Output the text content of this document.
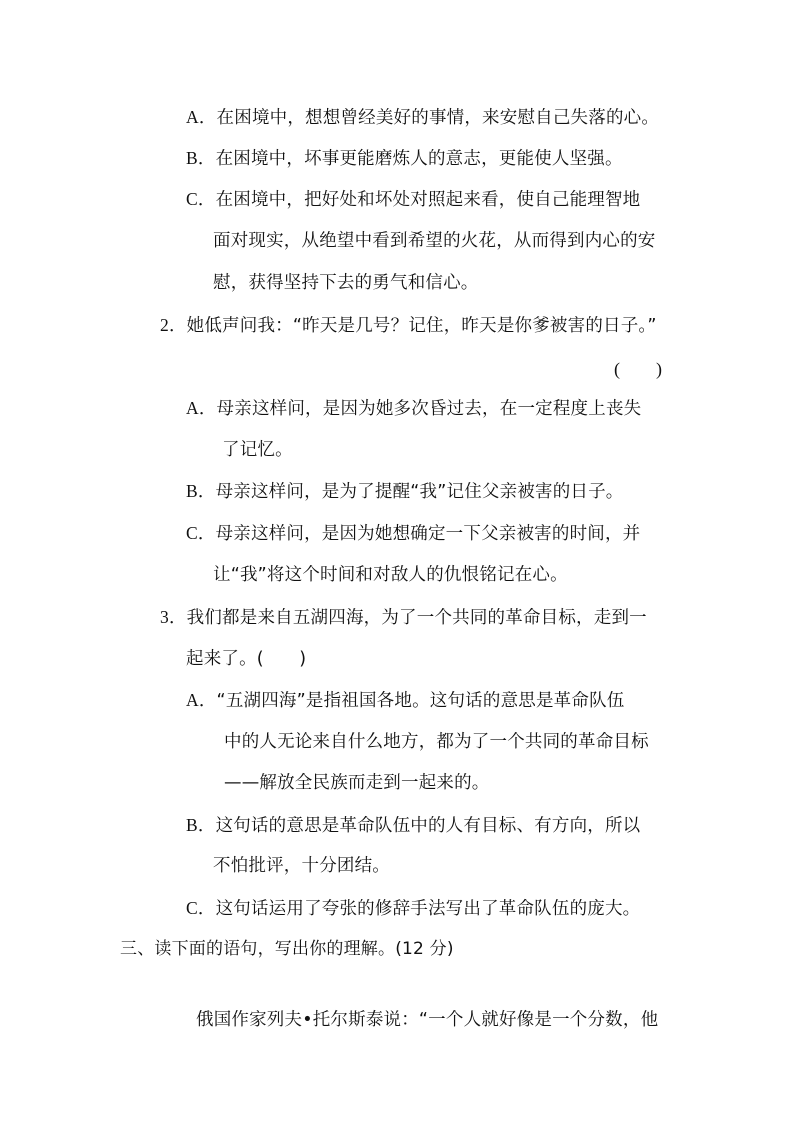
A．在困境中，想想曾经美好的事情，来安慰自己失落的心。
B．在困境中，坏事更能磨炼人的意志，更能使人坚强。
C．在困境中，把好处和坏处对照起来看，使自己能理智地
面对现实，从绝望中看到希望的火花，从而得到内心的安
慰，获得坚持下去的勇气和信心。
2．她低声问我：“昨天是几号？记住，昨天是你爹被害的日子。”
(　　)
A．母亲这样问，是因为她多次昏过去，在一定程度上丧失
了记忆。
B．母亲这样问，是为了提醒“我”记住父亲被害的日子。
C．母亲这样问，是因为她想确定一下父亲被害的时间，并
让“我”将这个时间和对敌人的仇恨铭记在心。
3．我们都是来自五湖四海，为了一个共同的革命目标，走到一
起来了。(　　)
A．“五湖四海”是指祖国各地。这句话的意思是革命队伍
中的人无论来自什么地方，都为了一个共同的革命目标
——解放全民族而走到一起来的。
B．这句话的意思是革命队伍中的人有目标、有方向，所以
不怕批评，十分团结。
C．这句话运用了夸张的修辞手法写出了革命队伍的庞大。
三、读下面的语句，写出你的理解。(12 分)
俄国作家列夫•托尔斯泰说：“一个人就好像是一个分数，他
